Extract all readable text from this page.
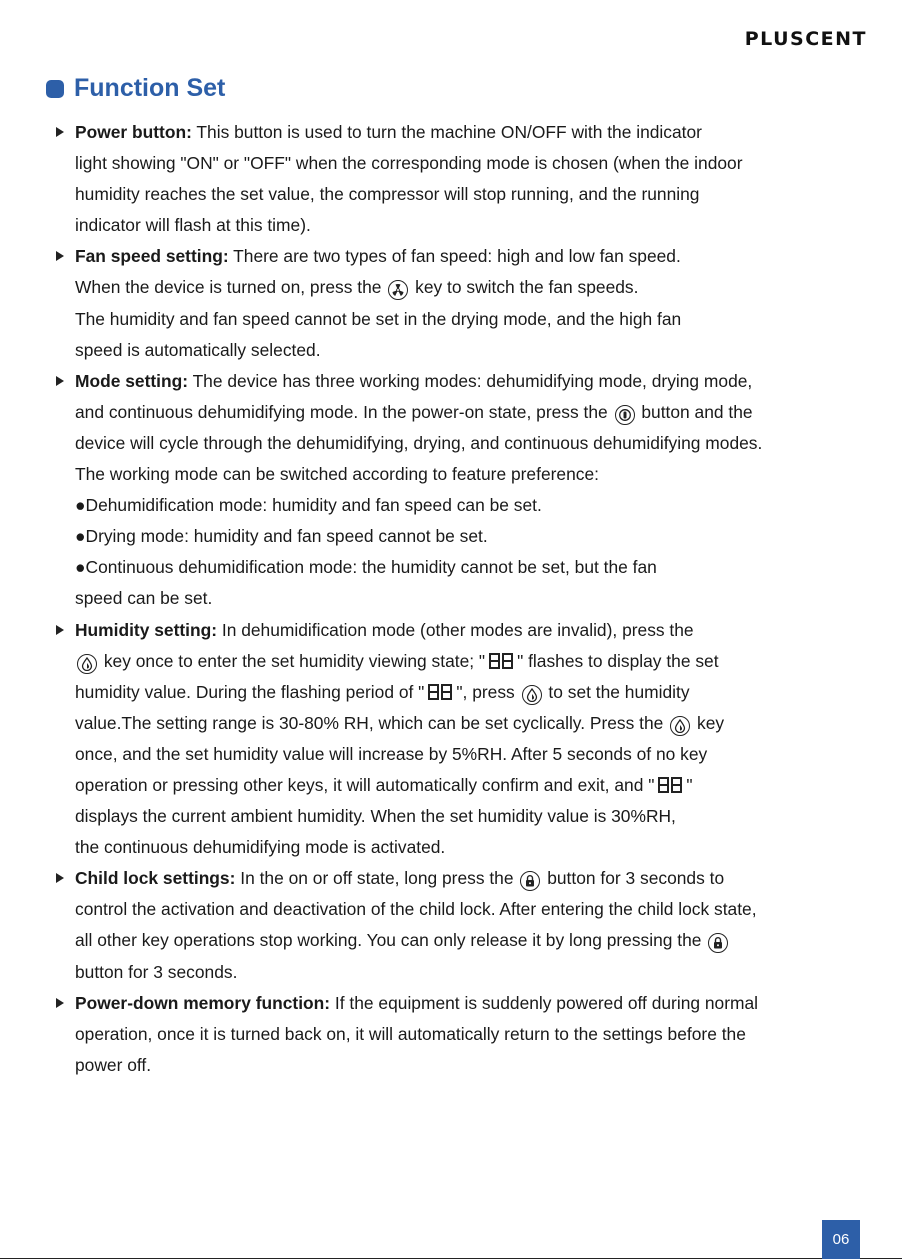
PLUSCENT
Function Set
Power button: This button is used to turn the machine ON/OFF with the indicator
light showing "ON" or "OFF" when the corresponding mode is chosen (when the indoor
humidity reaches the set value, the compressor will stop running, and the running
indicator will flash at this time).
Fan speed setting: There are two types of fan speed: high and low fan speed.
When the device is turned on, press the key to switch the fan speeds.
The humidity and fan speed cannot be set in the drying mode, and the high fan
speed is automatically selected.
Mode setting: The device has three working modes: dehumidifying mode, drying mode,
and continuous dehumidifying mode. In the power-on state, press the button and the
device will cycle through the dehumidifying, drying, and continuous dehumidifying modes.
The working mode can be switched according to feature preference:
●Dehumidification mode: humidity and fan speed can be set.
●Drying mode: humidity and fan speed cannot be set.
●Continuous dehumidification mode: the humidity cannot be set, but the fan
speed can be set.
Humidity setting: In dehumidification mode (other modes are invalid), press the
key once to enter the set humidity viewing state; " " flashes to display the set
humidity value. During the flashing period of " ", press to set the humidity
value.The setting range is 30-80% RH, which can be set cyclically. Press the key
once, and the set humidity value will increase by 5%RH. After 5 seconds of no key
operation or pressing other keys, it will automatically confirm and exit, and " "
displays the current ambient humidity. When the set humidity value is 30%RH,
the continuous dehumidifying mode is activated.
Child lock settings: In the on or off state, long press the button for 3 seconds to
control the activation and deactivation of the child lock. After entering the child lock state,
all other key operations stop working. You can only release it by long pressing the
button for 3 seconds.
Power-down memory function: If the equipment is suddenly powered off during normal
operation, once it is turned back on, it will automatically return to the settings before the
power off.
06
